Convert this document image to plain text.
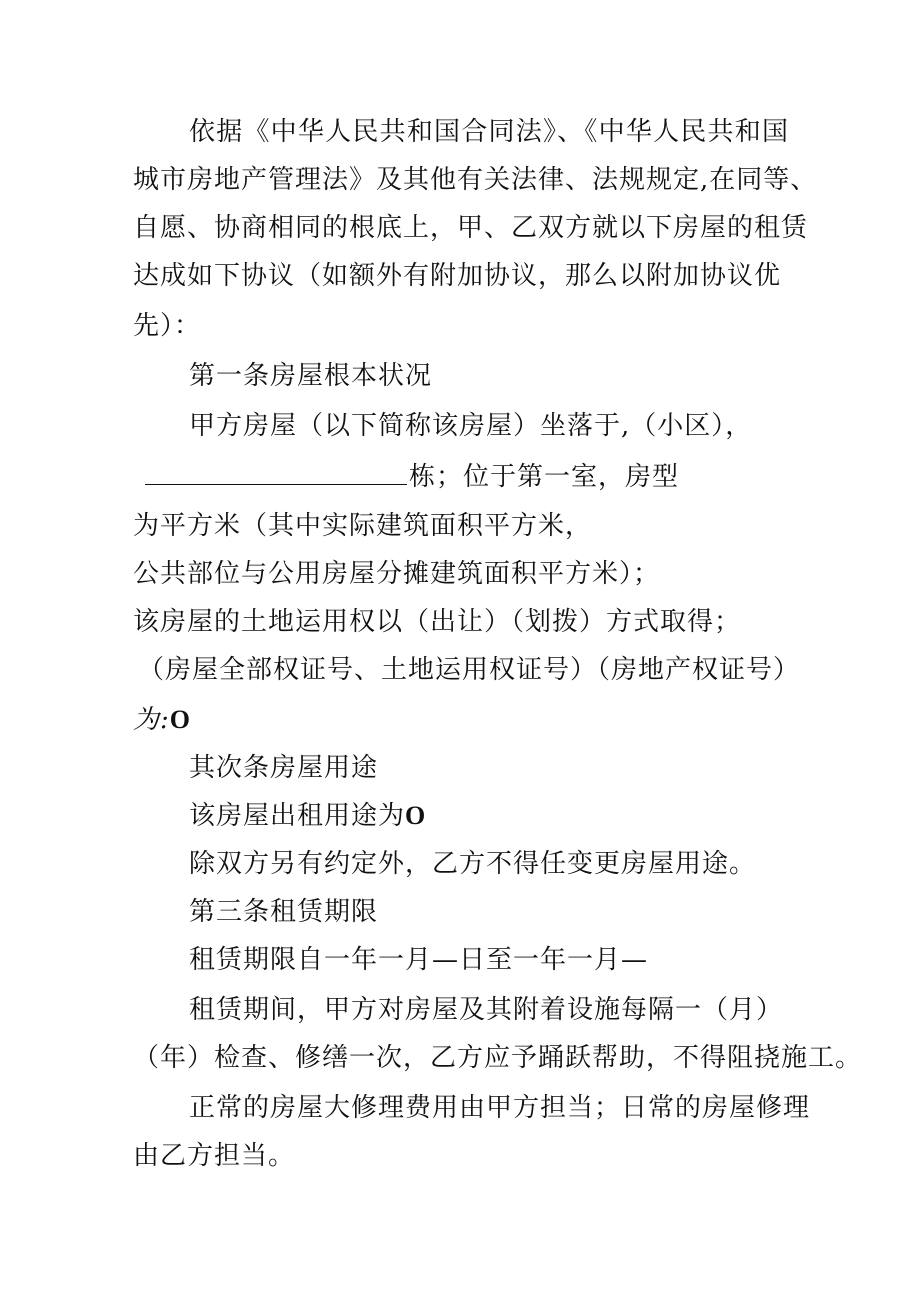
依据《中华人民共和国合同法》、《中华人民共和国
城市房地产管理法》及其他有关法律、法规规定,在同等、
自愿、协商相同的根底上，甲、乙双方就以下房屋的租赁
达成如下协议（如额外有附加协议，那么以附加协议优
先）：
第一条房屋根本状况
甲方房屋（以下简称该房屋）坐落于,（小区），
栋；位于第一室，房型
为平方米（其中实际建筑面积平方米，
公共部位与公用房屋分摊建筑面积平方米）；
该房屋的土地运用权以（出让）（划拨）方式取得；
（房屋全部权证号、土地运用权证号）（房地产权证号）
为:O
其次条房屋用途
该房屋出租用途为O
除双方另有约定外，乙方不得任变更房屋用途。
第三条租赁期限
租赁期限自一年一月—日至一年一月—
租赁期间，甲方对房屋及其附着设施每隔一（月）
（年）检查、修缮一次，乙方应予踊跃帮助，不得阻挠施工。
正常的房屋大修理费用由甲方担当；日常的房屋修理
由乙方担当。
